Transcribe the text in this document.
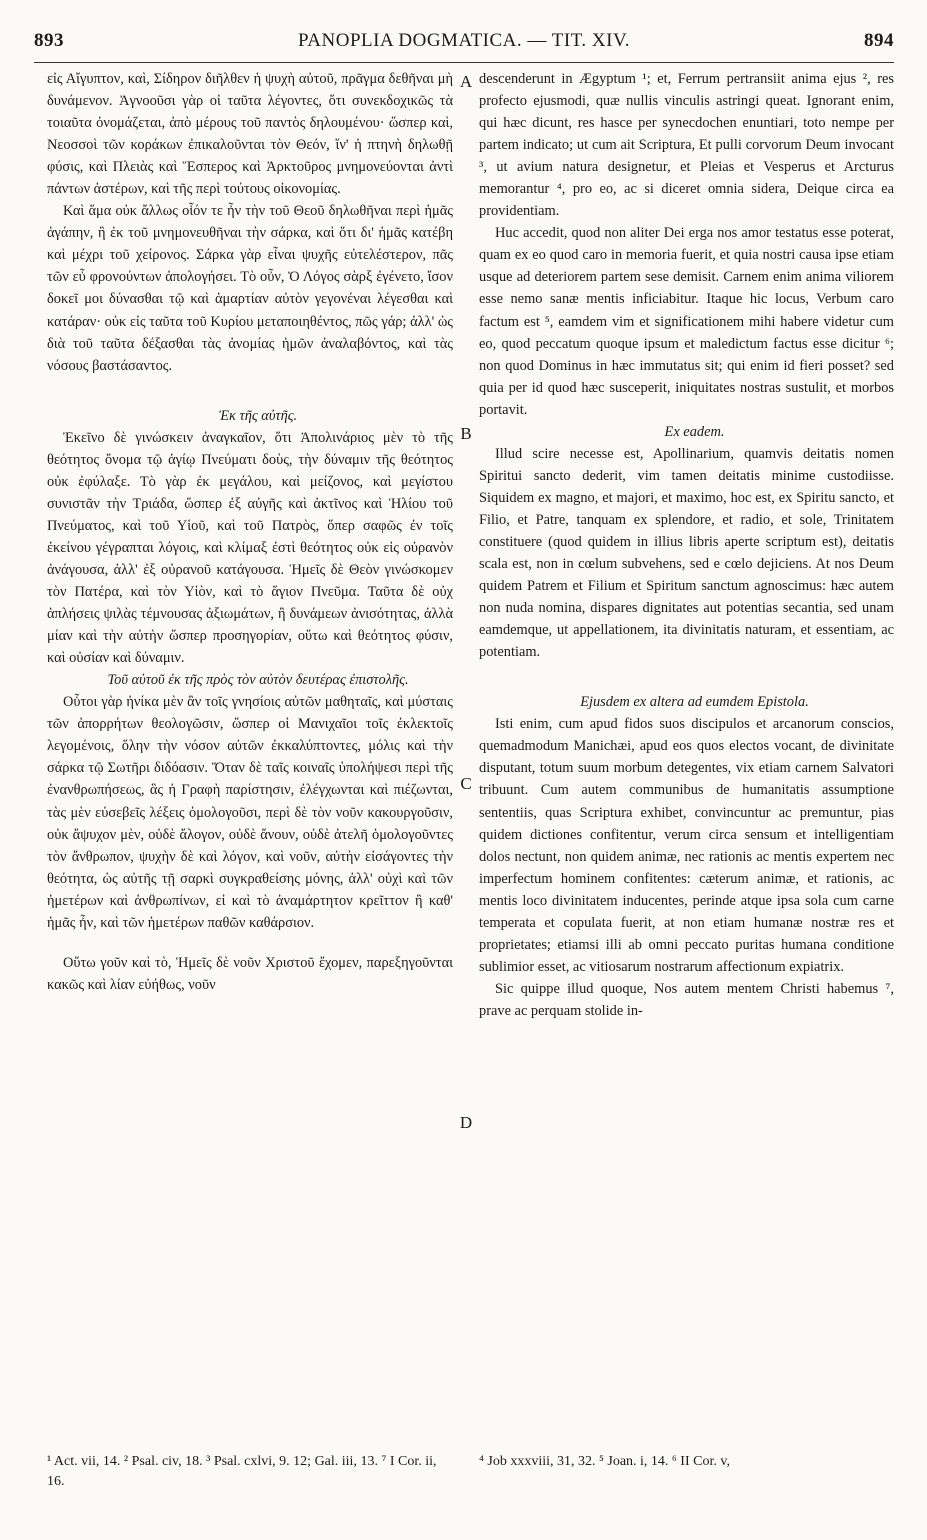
893	PANOPLIA DOGMATICA. — TIT. XIV.	894

εἰς Αἴγυπτον, καὶ, Σίδηρον διῆλθεν ἡ ψυχὴ αὐτοῦ, πρᾶγμα δεθῆναι μὴ δυνάμενον. Ἀγνοοῦσι γὰρ οἱ ταῦτα λέγοντες, ὅτι συνεκδοχικῶς τὰ τοιαῦτα ὀνομάζεται, ἀπὸ μέρους τοῦ παντὸς δηλουμένου· ὥσπερ καὶ, Νεοσσοὶ τῶν κοράκων ἐπικαλοῦνται τὸν Θεόν, ἵν' ἡ πτηνὴ δηλωθῇ φύσις, καὶ Πλειὰς καὶ Ἕσπερος καὶ Ἀρκτοῦρος μνημονεύονται ἀντὶ πάντων ἀστέρων, καὶ τῆς περὶ τούτους οἰκονομίας.

Καὶ ἅμα οὐκ ἄλλως οἷόν τε ἦν τὴν τοῦ Θεοῦ δηλωθῆναι περὶ ἡμᾶς ἀγάπην, ἢ ἐκ τοῦ μνημονευθῆναι τὴν σάρκα, καὶ ὅτι δι' ἡμᾶς κατέβη καὶ μέχρι τοῦ χείρονος. Σάρκα γὰρ εἶναι ψυχῆς εὐτελέστερον, πᾶς τῶν εὖ φρονούντων ἀπολογήσει. Τὸ οὖν, Ὁ Λόγος σὰρξ ἐγένετο, ἴσον δοκεῖ μοι δύνασθαι τῷ καὶ ἁμαρτίαν αὐτὸν γεγονέναι λέγεσθαι καὶ κατάραν· οὐκ εἰς ταῦτα τοῦ Κυρίου μεταποιηθέντος, πῶς γάρ; ἀλλ' ὡς διὰ τοῦ ταῦτα δέξασθαι τὰς ἀνομίας ἡμῶν ἀναλαβόντος, καὶ τὰς νόσους βαστάσαντος.

Ἐκ τῆς αὐτῆς.

Ἐκεῖνο δὲ γινώσκειν ἀναγκαῖον, ὅτι Ἀπολινάριος μὲν τὸ τῆς θεότητος ὄνομα τῷ ἁγίῳ Πνεύματι δοὺς, τὴν δύναμιν τῆς θεότητος οὐκ ἐφύλαξε. Τὸ γὰρ ἐκ μεγάλου, καὶ μείζονος, καὶ μεγίστου συνιστᾶν τὴν Τριάδα, ὥσπερ ἐξ αὐγῆς καὶ ἀκτῖνος καὶ Ἡλίου τοῦ Πνεύματος, καὶ τοῦ Υἱοῦ, καὶ τοῦ Πατρὸς, ὅπερ σαφῶς ἐν τοῖς ἐκείνου γέγραπται λόγοις, καὶ κλίμαξ ἐστὶ θεότητος οὐκ εἰς οὐρανὸν ἀνάγουσα, ἀλλ' ἐξ οὐρανοῦ κατάγουσα. Ἡμεῖς δὲ Θεὸν γινώσκομεν τὸν Πατέρα, καὶ τὸν Υἱὸν, καὶ τὸ ἅγιον Πνεῦμα. Ταῦτα δὲ οὐχ ἁπλήσεις ψιλὰς τέμνουσας ἀξιωμάτων, ἢ δυνάμεων ἀνισότητας, ἀλλὰ μίαν καὶ τὴν αὐτὴν ὥσπερ προσηγορίαν, οὕτω καὶ θεότητος φύσιν, καὶ οὐσίαν καὶ δύναμιν.

Τοῦ αὐτοῦ ἐκ τῆς πρὸς τὸν αὐτὸν δευτέρας ἐπιστολῆς.

Οὗτοι γὰρ ἡνίκα μὲν ἂν τοῖς γνησίοις αὐτῶν μαθηταῖς, καὶ μύσταις τῶν ἀπορρήτων θεολογῶσιν, ὥσπερ οἱ Μανιχαῖοι τοῖς ἐκλεκτοῖς λεγομένοις, ὅλην τὴν νόσον αὐτῶν ἐκκαλύπτοντες, μόλις καὶ τὴν σάρκα τῷ Σωτῆρι διδόασιν. Ὅταν δὲ ταῖς κοιναῖς ὑπολήψεσι περὶ τῆς ἐνανθρωπήσεως, ἃς ἡ Γραφὴ παρίστησιν, ἐλέγχωνται καὶ πιέζωνται, τὰς μὲν εὐσεβεῖς λέξεις ὁμολογοῦσι, περὶ δὲ τὸν νοῦν κακουργοῦσιν, οὐκ ἄψυχον μὲν, οὐδὲ ἄλογον, οὐδὲ ἄνουν, οὐδὲ ἀτελῆ ὁμολογοῦντες τὸν ἄνθρωπον, ψυχὴν δὲ καὶ λόγον, καὶ νοῦν, αὐτὴν εἰσάγοντες τὴν θεότητα, ὡς αὐτῆς τῇ σαρκὶ συγκραθείσης μόνης, ἀλλ' οὐχὶ καὶ τῶν ἡμετέρων καὶ ἀνθρωπίνων, εἰ καὶ τὸ ἀναμάρτητον κρεῖττον ἢ καθ' ἡμᾶς ἦν, καὶ τῶν ἡμετέρων παθῶν καθάρσιον.

Οὕτω γοῦν καὶ τὸ, Ἡμεῖς δὲ νοῦν Χριστοῦ ἔχομεν, παρεξηγοῦνται κακῶς καὶ λίαν εὐήθως, νοῦν

descenderunt in Ægyptum ¹; et, Ferrum pertransiit anima ejus ², res profecto ejusmodi, quæ nullis vinculis astringi queat. Ignorant enim, qui hæc dicunt, res hasce per synecdochen enuntiari, toto nempe per partem indicato; ut cum ait Scriptura, Et pulli corvorum Deum invocant ³, ut avium natura designetur, et Pleias et Vesperus et Arcturus memorantur ⁴, pro eo, ac si diceret omnia sidera, Deique circa ea providentiam.

Huc accedit, quod non aliter Dei erga nos amor testatus esse poterat, quam ex eo quod caro in memoria fuerit, et quia nostri causa ipse etiam usque ad deteriorem partem sese demisit. Carnem enim anima viliorem esse nemo sanæ mentis inficiabitur. Itaque hic locus, Verbum caro factum est ⁵, eamdem vim et significationem mihi habere videtur cum eo, quod peccatum quoque ipsum et maledictum factus esse dicitur ⁶; non quod Dominus in hæc immutatus sit; qui enim id fieri posset? sed quia per id quod hæc susceperit, iniquitates nostras sustulit, et morbos portavit.

Ex eadem.

Illud scire necesse est, Apollinarium, quamvis deitatis nomen Spiritui sancto dederit, vim tamen deitatis minime custodiisse. Siquidem ex magno, et majori, et maximo, hoc est, ex Spiritu sancto, et Filio, et Patre, tanquam ex splendore, et radio, et sole, Trinitatem constituere (quod quidem in illius libris aperte scriptum est), deitatis scala est, non in cœlum subvehens, sed e cœlo dejiciens. At nos Deum quidem Patrem et Filium et Spiritum sanctum agnoscimus: hæc autem non nuda nomina, dispares dignitates aut potentias secantia, sed unam eamdemque, ut appellationem, ita divinitatis naturam, et essentiam, ac potentiam.

Ejusdem ex altera ad eumdem Epistola.

Isti enim, cum apud fidos suos discipulos et arcanorum conscios, quemadmodum Manichæi, apud eos quos electos vocant, de divinitate disputant, totum suum morbum detegentes, vix etiam carnem Salvatori tribuunt. Cum autem communibus de humanitatis assumptione sententiis, quas Scriptura exhibet, convincuntur ac premuntur, pias quidem dictiones confitentur, verum circa sensum et intelligentiam dolos nectunt, non quidem animæ, nec rationis ac mentis expertem nec imperfectum hominem confitentes: cæterum animæ, et rationis, ac mentis loco divinitatem inducentes, perinde atque ipsa sola cum carne temperata et copulata fuerit, at non etiam humanæ nostræ res et proprietates; etiamsi illi ab omni peccato puritas humana conditione sublimior esset, ac vitiosarum nostrarum affectionum expiatrix.

Sic quippe illud quoque, Nos autem mentem Christi habemus ⁷, prave ac perquam stolide in-

A
B
C
D
¹ Act. vii, 14. ² Psal. civ, 18. ³ Psal. cxlvi, 9. 12; Gal. iii, 13. ⁷ I Cor. ii, 16.
⁴ Job xxxviii, 31, 32. ⁵ Joan. i, 14. ⁶ II Cor. v,
